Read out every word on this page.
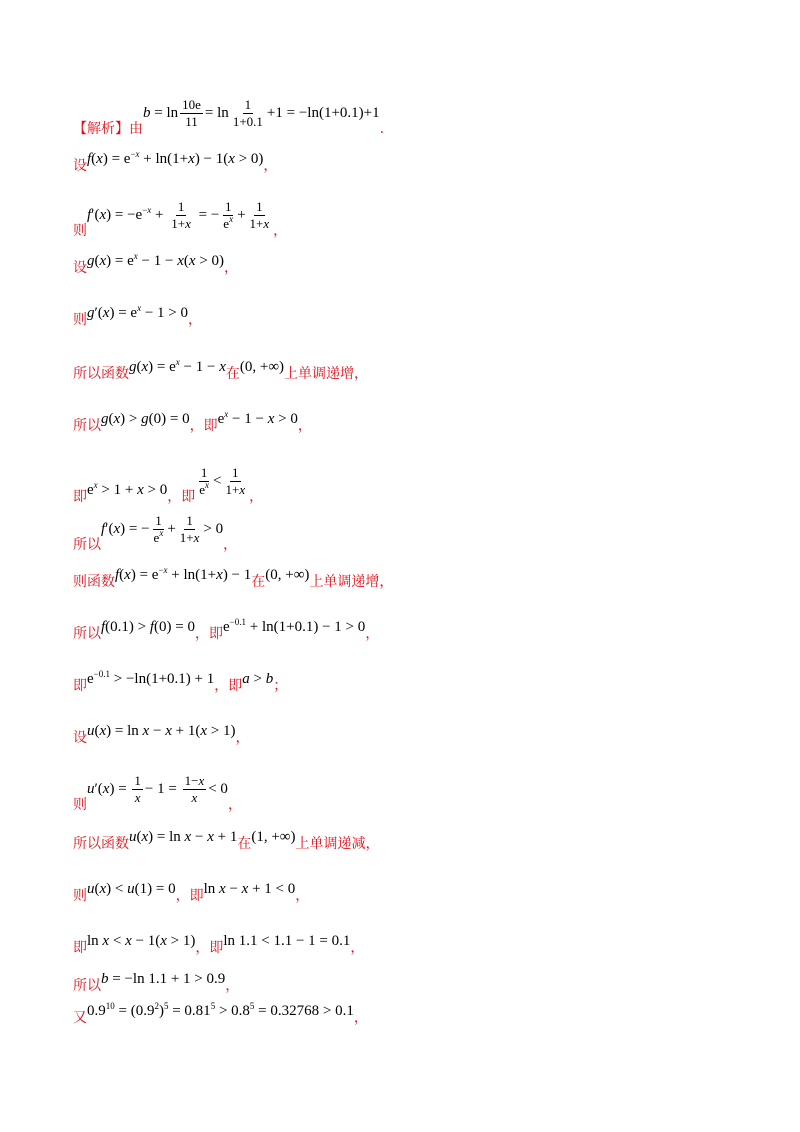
【解析】由
$b = \ln \frac{10e}{11} = \ln \frac{1}{1+0.1} +1 = -\ln(1+0.1)+1$
.
设 $f(x) = e^{-x} + \ln(1+x) - 1(x > 0)$ ，
则
$f'(x) = -e^{-x} + \frac{1}{1+x}$ = − $\frac{1}{e^x} + \frac{1}{1+x}$ ，
设 $g(x) = e^x - 1 - x(x > 0)$ ，
则 $g'(x) = e^x - 1 > 0$ ，
所以函数 $g(x) = e^x - 1 - x$ 在 (0, +∞) 上单调递增，
所以 g(x) > g(0) = 0 ，即 $e^x - 1 - x > 0$ ，
即 $e^x > 1 + x > 0$ ，即 $\frac{1}{e^x} < \frac{1}{1+x}$ ，
所以
f′(x) = − $\frac{1}{e^x} + \frac{1}{1+x} > 0$
，
则函数 $f(x) = e^{-x} + \ln(1+x) - 1$ 在 (0, +∞) 上单调递增，
所以 f(0.1) > f(0) = 0 ，即 $e^{-0.1} + \ln(1+0.1) - 1 > 0$ ，
即 $e^{-0.1} > -\ln(1+0.1) + 1$ ，即 a > b ；
设 u(x) = ln x − x + 1(x > 1) ，
则
$u'(x) = \frac{1}{x} - 1 = \frac{1-x}{x} < 0$
，
所以函数 u(x) = ln x − x + 1 在 (1, +∞) 上单调递减，
则 u(x) < u(1) = 0 ，即 ln x − x + 1 < 0 ，
即 ln x < x − 1(x > 1) ，即 ln 1.1 < 1.1 − 1 = 0.1 ，
所以 b = −ln 1.1 + 1 > 0.9 ，
又 $0.9^{10} = (0.9^2)^5 = 0.81^5 > 0.8^5 = 0.32768 > 0.1$ ，
